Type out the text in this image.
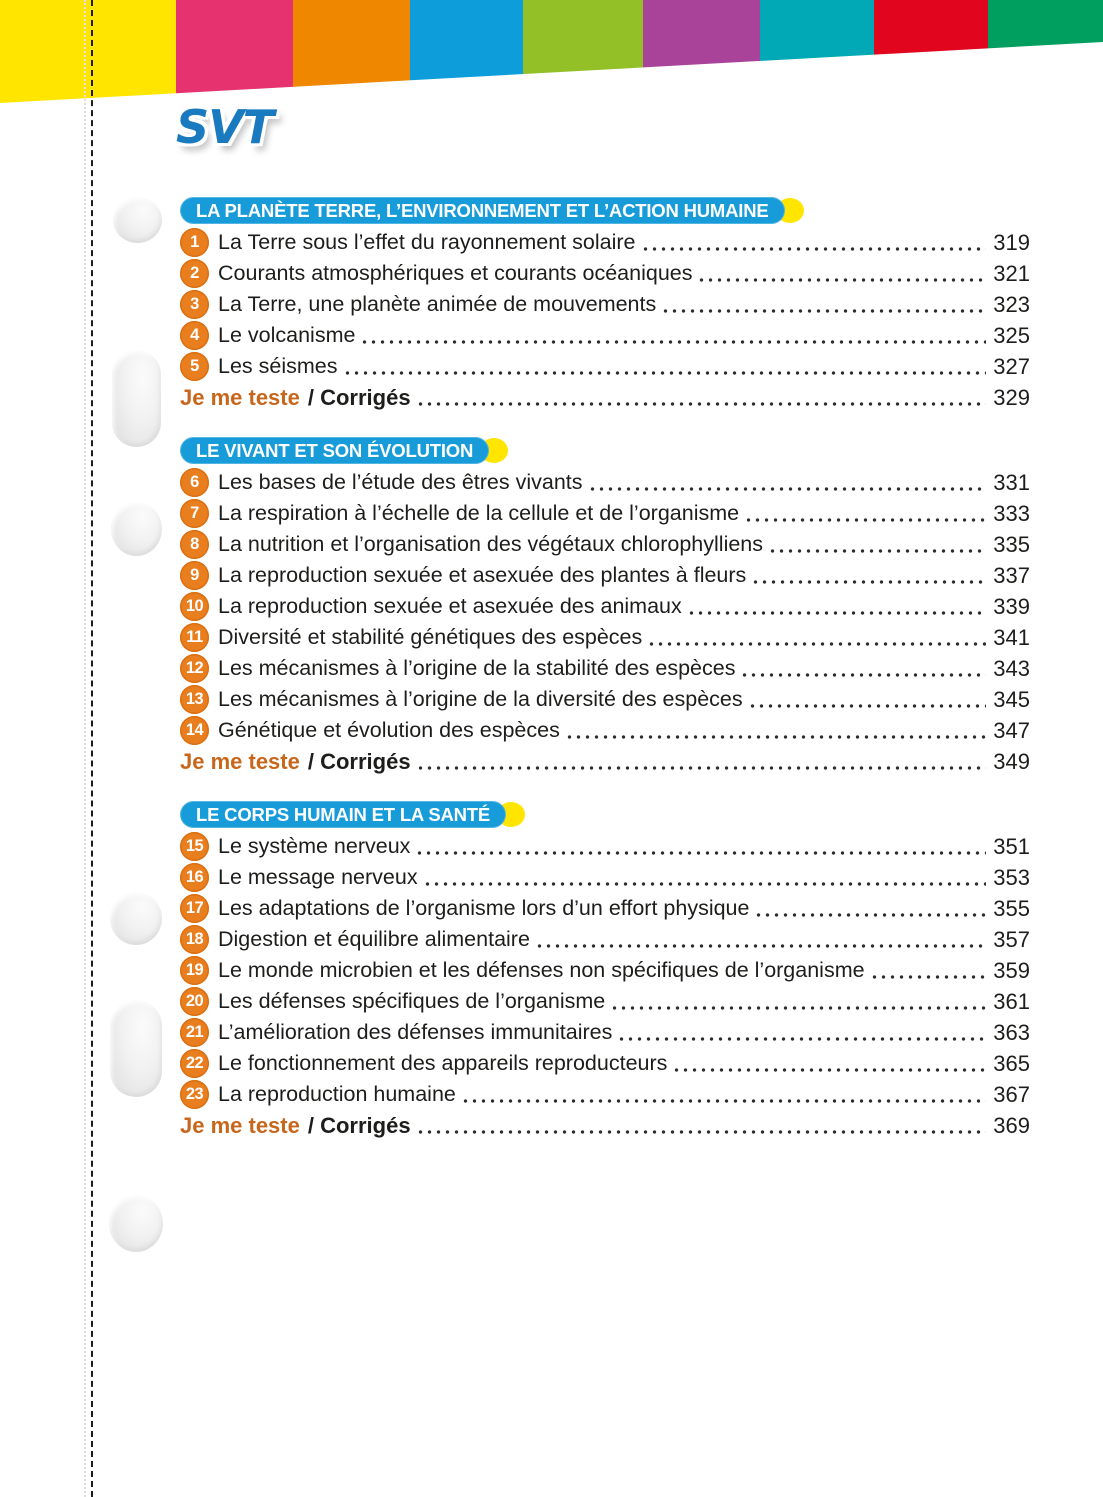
SVT
LA PLANÈTE TERRE, L’ENVIRONNEMENT ET L’ACTION HUMAINE
1 La Terre sous l’effet du rayonnement solaire	319
2 Courants atmosphériques et courants océaniques	321
3 La Terre, une planète animée de mouvements	323
4 Le volcanisme	325
5 Les séismes	327
Je me teste / Corrigés	329
LE VIVANT ET SON ÉVOLUTION
6 Les bases de l’étude des êtres vivants	331
7 La respiration à l’échelle de la cellule et de l’organisme	333
8 La nutrition et l’organisation des végétaux chlorophylliens	335
9 La reproduction sexuée et asexuée des plantes à fleurs	337
10 La reproduction sexuée et asexuée des animaux	339
11 Diversité et stabilité génétiques des espèces	341
12 Les mécanismes à l’origine de la stabilité des espèces	343
13 Les mécanismes à l’origine de la diversité des espèces	345
14 Génétique et évolution des espèces	347
Je me teste / Corrigés	349
LE CORPS HUMAIN ET LA SANTÉ
15 Le système nerveux	351
16 Le message nerveux	353
17 Les adaptations de l’organisme lors d’un effort physique	355
18 Digestion et équilibre alimentaire	357
19 Le monde microbien et les défenses non spécifiques de l’organisme	359
20 Les défenses spécifiques de l’organisme	361
21 L’amélioration des défenses immunitaires	363
22 Le fonctionnement des appareils reproducteurs	365
23 La reproduction humaine	367
Je me teste / Corrigés	369
